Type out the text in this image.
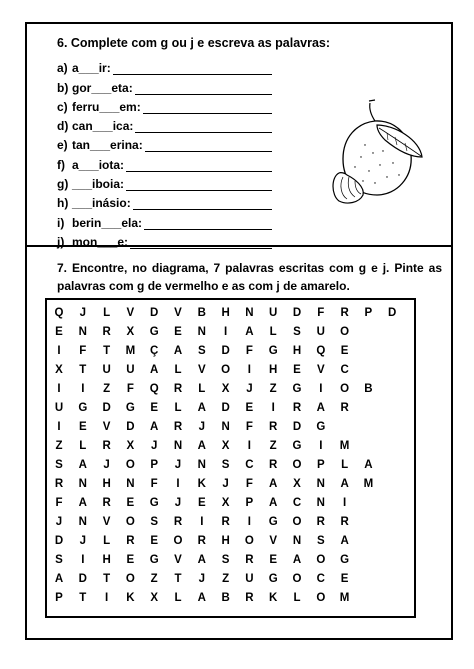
6. Complete com g ou j e escreva as palavras:
a) a___ir:
b) gor___eta:
c) ferru___em:
d) can___ica:
e) tan___erina:
f) a___iota:
g) ___iboia:
h) ___inásio:
i) berin___ela:
j) mon___e:
7. Encontre, no diagrama, 7 palavras escritas com g e j. Pinte as
palavras com g de vermelho e as com j de amarelo.
Q	J	L	V	D	V	B	H	N	U	D	F	R	P	D
E	N	R	X	G	E	N	I	A	L	S	U	O
I	F	T	M	Ç	A	S	D	F	G	H	Q	E
X	T	U	U	A	L	V	O	I	H	E	V	C
I	I	Z	F	Q	R	L	X	J	Z	G	I	O	B
U	G	D	G	E	L	A	D	E	I	R	A	R
I	E	V	D	A	R	J	N	F	R	D	G
Z	L	R	X	J	N	A	X	I	Z	G	I	M
S	A	J	O	P	J	N	S	C	R	O	P	L	A
R	N	H	N	F	I	K	J	F	A	X	N	A	M
F	A	R	E	G	J	E	X	P	A	C	N	I
J	N	V	O	S	R	I	R	I	G	O	R	R
D	J	L	R	E	O	R	H	O	V	N	S	A
S	I	H	E	G	V	A	S	R	E	A	O	G
A	D	T	O	Z	T	J	Z	U	G	O	C	E
P	T	I	K	X	L	A	B	R	K	L	O	M
